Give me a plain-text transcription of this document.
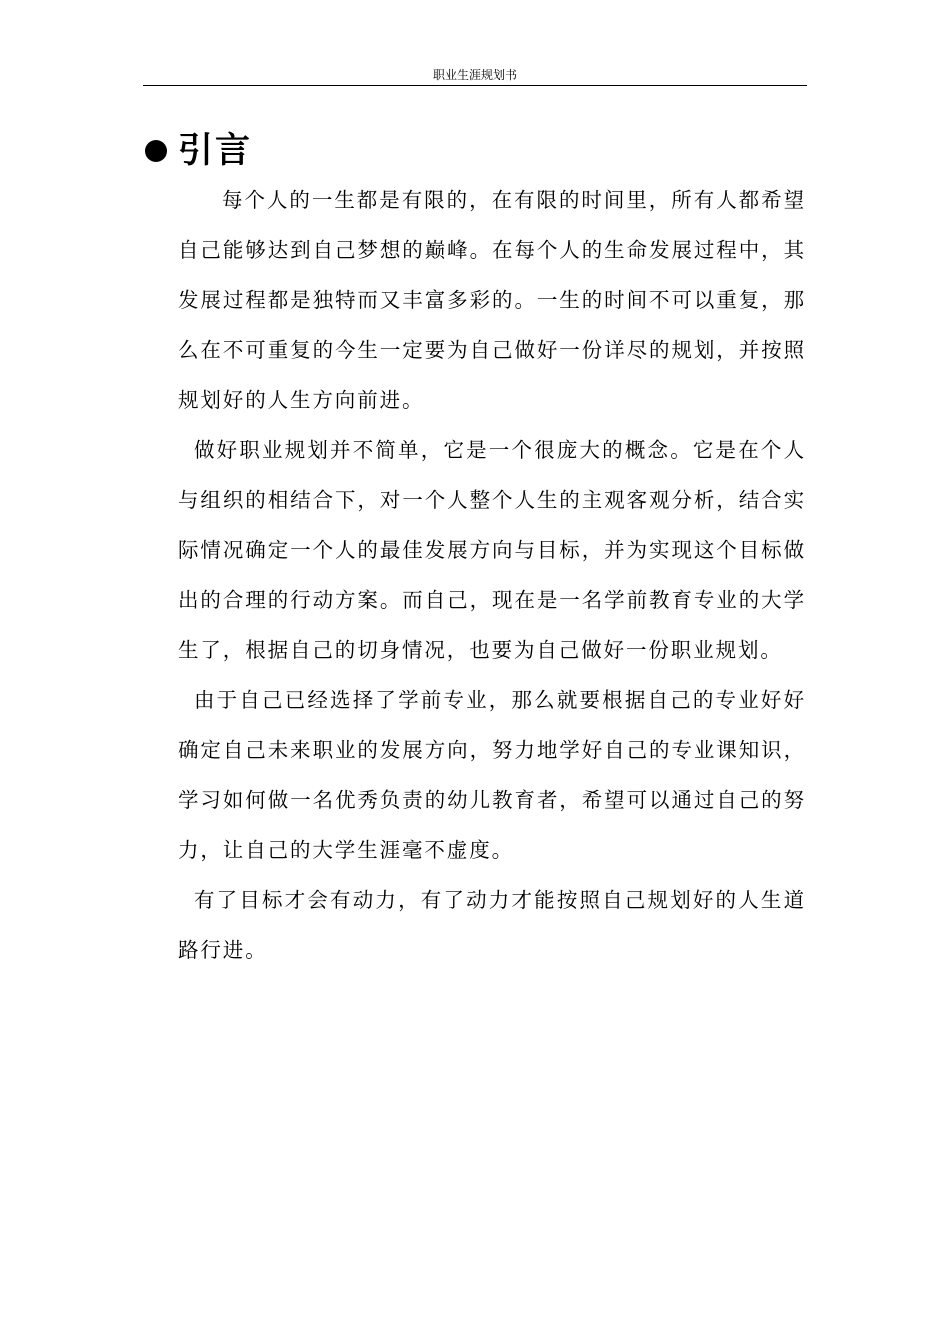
职业生涯规划书
引言

每个人的一生都是有限的，在有限的时间里，所有人都希望自己能够达到自己梦想的巅峰。在每个人的生命发展过程中，其发展过程都是独特而又丰富多彩的。一生的时间不可以重复，那么在不可重复的今生一定要为自己做好一份详尽的规划，并按照规划好的人生方向前进。

做好职业规划并不简单，它是一个很庞大的概念。它是在个人与组织的相结合下，对一个人整个人生的主观客观分析，结合实际情况确定一个人的最佳发展方向与目标，并为实现这个目标做出的合理的行动方案。而自己，现在是一名学前教育专业的大学生了，根据自己的切身情况，也要为自己做好一份职业规划。

由于自己已经选择了学前专业，那么就要根据自己的专业好好确定自己未来职业的发展方向，努力地学好自己的专业课知识，学习如何做一名优秀负责的幼儿教育者，希望可以通过自己的努力，让自己的大学生涯毫不虚度。

有了目标才会有动力，有了动力才能按照自己规划好的人生道路行进。
